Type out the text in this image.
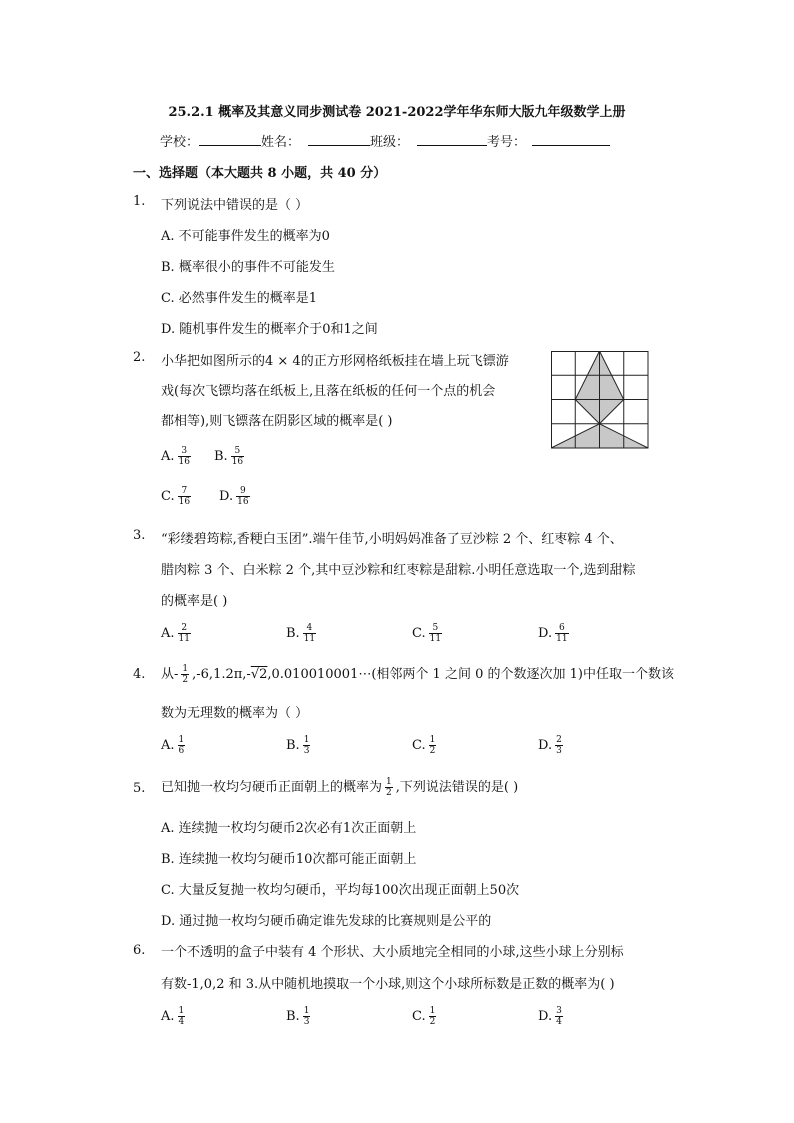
25.2.1 概率及其意义同步测试卷 2021-2022学年华东师大版九年级数学上册
学校：	姓名：	班级：	考号：
一、选择题（本大题共 8 小题，共 40 分）
1. 下列说法中错误的是（ ）
A. 不可能事件发生的概率为0
B. 概率很小的事件不可能发生
C. 必然事件发生的概率是1
D. 随机事件发生的概率介于0和1之间
2. 小华把如图所示的4 × 4的正方形网格纸板挂在墙上玩飞镖游
戏(每次飞镖均落在纸板上,且落在纸板的任何一个点的机会
都相等),则飞镖落在阴影区域的概率是( )
A. $\frac{3}{16} B$. $\frac{5}{16}$
C. $\frac{7}{16} D$. $\frac{9}{16}$
3. “彩缕碧筠粽,香粳白玉团”.端午佳节,小明妈妈准备了豆沙粽 2 个、红枣粽 4 个、
腊肉粽 3 个、白米粽 2 个,其中豆沙粽和红枣粽是甜粽.小明任意选取一个,选到甜粽
的概率是( )
A. $\frac{2}{11}$	B. $\frac{4}{11}$	C. $\frac{5}{11}$	D. $\frac{6}{11}$
4. 从- $\frac{1}{2}$ ,-6,1.2π,-√2,0.010010001⋯(相邻两个 1 之间 0 的个数逐次加 1)中任取一个数该
数为无理数的概率为（ ）
A. $\frac{1}{6}$	B. $\frac{1}{3}$	C. $\frac{1}{2}$	D. $\frac{2}{3}$
5. 已知抛一枚均匀硬币正面朝上的概率为 $\frac{1}{2}$ ,下列说法错误的是( )
A. 连续抛一枚均匀硬币2次必有1次正面朝上
B. 连续抛一枚均匀硬币10次都可能正面朝上
C. 大量反复抛一枚均匀硬币，平均每100次出现正面朝上50次
D. 通过抛一枚均匀硬币确定谁先发球的比赛规则是公平的
6. 一个不透明的盒子中装有 4 个形状、大小质地完全相同的小球,这些小球上分别标
有数-1,0,2 和 3.从中随机地摸取一个小球,则这个小球所标数是正数的概率为( )
A. $\frac{1}{4}$	B. $\frac{1}{3}$	C. $\frac{1}{2}$	D. $\frac{3}{4}$
